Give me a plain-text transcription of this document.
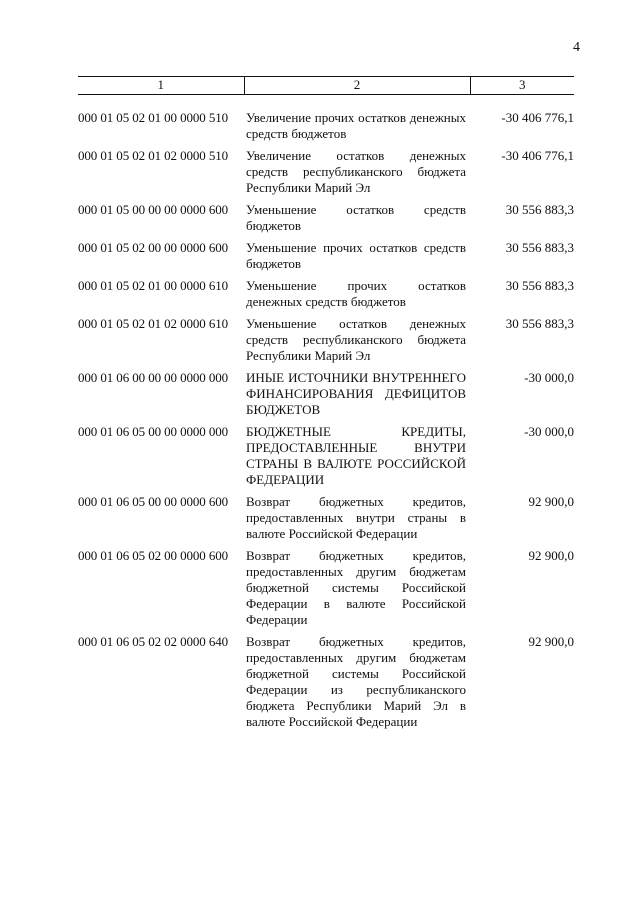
4
1	2	3

000 01 05 02 01 00 0000 510	Увеличение прочих остатков денежных средств бюджетов	-30 406 776,1
000 01 05 02 01 02 0000 510	Увеличение остатков денежных средств республиканского бюджета Республики Марий Эл	-30 406 776,1
000 01 05 00 00 00 0000 600	Уменьшение остатков средств бюджетов	30 556 883,3
000 01 05 02 00 00 0000 600	Уменьшение прочих остатков средств бюджетов	30 556 883,3
000 01 05 02 01 00 0000 610	Уменьшение прочих остатков денежных средств бюджетов	30 556 883,3
000 01 05 02 01 02 0000 610	Уменьшение остатков денежных средств республиканского бюджета Республики Марий Эл	30 556 883,3
000 01 06 00 00 00 0000 000	ИНЫЕ ИСТОЧНИКИ ВНУТРЕННЕГО ФИНАНСИРОВАНИЯ ДЕФИЦИТОВ БЮДЖЕТОВ	-30 000,0
000 01 06 05 00 00 0000 000	БЮДЖЕТНЫЕ КРЕДИТЫ, ПРЕДОСТАВЛЕННЫЕ ВНУТРИ СТРАНЫ В ВАЛЮТЕ РОССИЙСКОЙ ФЕДЕРАЦИИ	-30 000,0
000 01 06 05 00 00 0000 600	Возврат бюджетных кредитов, предоставленных внутри страны в валюте Российской Федерации	92 900,0
000 01 06 05 02 00 0000 600	Возврат бюджетных кредитов, предоставленных другим бюджетам бюджетной системы Российской Федерации в валюте Российской Федерации	92 900,0
000 01 06 05 02 02 0000 640	Возврат бюджетных кредитов, предоставленных другим бюджетам бюджетной системы Российской Федерации из республиканского бюджета Республики Марий Эл в валюте Российской Федерации	92 900,0
